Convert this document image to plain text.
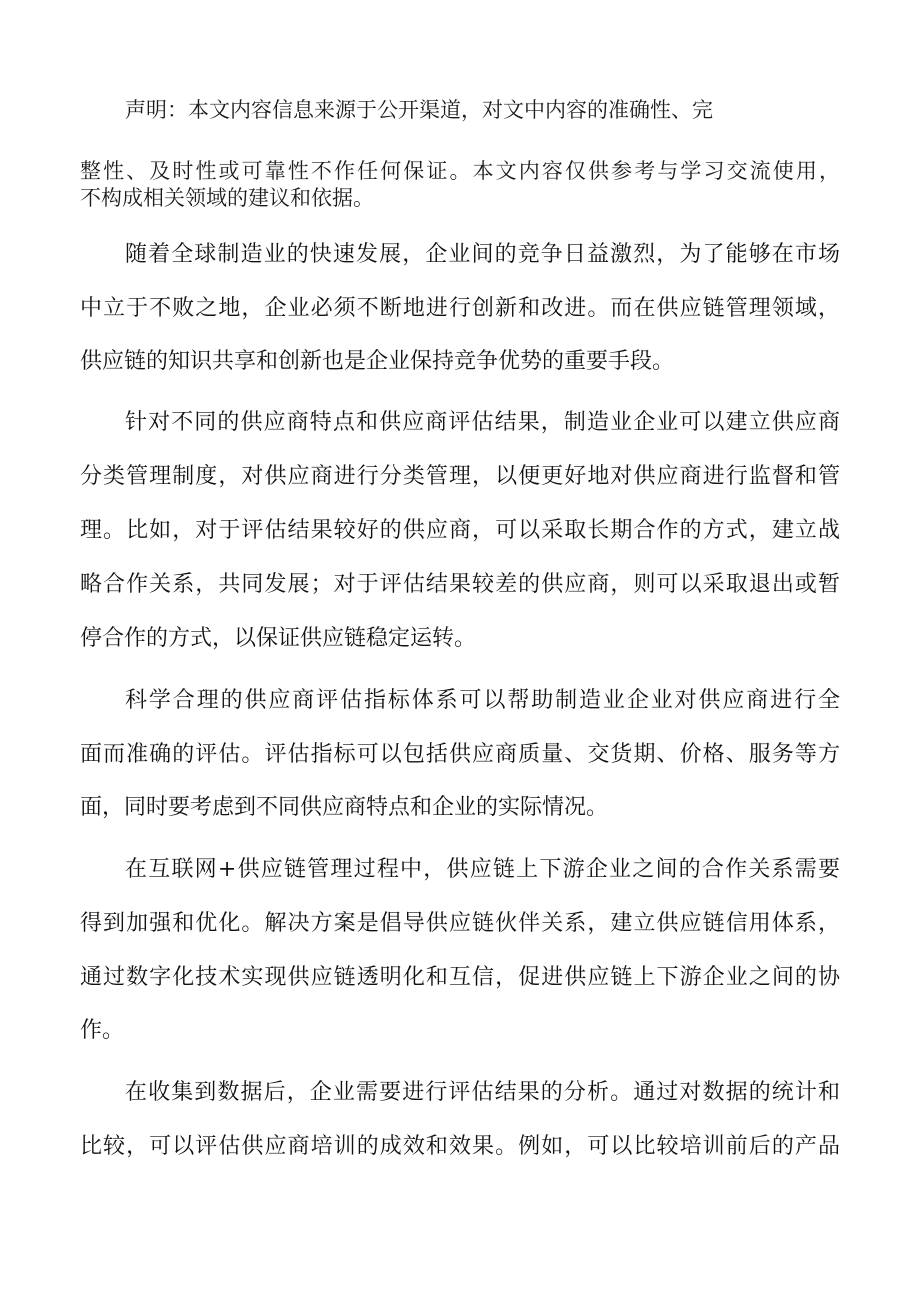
声明：本文内容信息来源于公开渠道，对文中内容的准确性、完
整性、及时性或可靠性不作任何保证。本文内容仅供参考与学习交流使用，
不构成相关领域的建议和依据。
随着全球制造业的快速发展，企业间的竞争日益激烈，为了能够在市场
中立于不败之地，企业必须不断地进行创新和改进。而在供应链管理领域，
供应链的知识共享和创新也是企业保持竞争优势的重要手段。
针对不同的供应商特点和供应商评估结果，制造业企业可以建立供应商
分类管理制度，对供应商进行分类管理，以便更好地对供应商进行监督和管
理。比如，对于评估结果较好的供应商，可以采取长期合作的方式，建立战
略合作关系，共同发展；对于评估结果较差的供应商，则可以采取退出或暂
停合作的方式，以保证供应链稳定运转。
科学合理的供应商评估指标体系可以帮助制造业企业对供应商进行全
面而准确的评估。评估指标可以包括供应商质量、交货期、价格、服务等方
面，同时要考虑到不同供应商特点和企业的实际情况。
在互联网+供应链管理过程中，供应链上下游企业之间的合作关系需要
得到加强和优化。解决方案是倡导供应链伙伴关系，建立供应链信用体系，
通过数字化技术实现供应链透明化和互信，促进供应链上下游企业之间的协
作。
在收集到数据后，企业需要进行评估结果的分析。通过对数据的统计和
比较，可以评估供应商培训的成效和效果。例如，可以比较培训前后的产品
